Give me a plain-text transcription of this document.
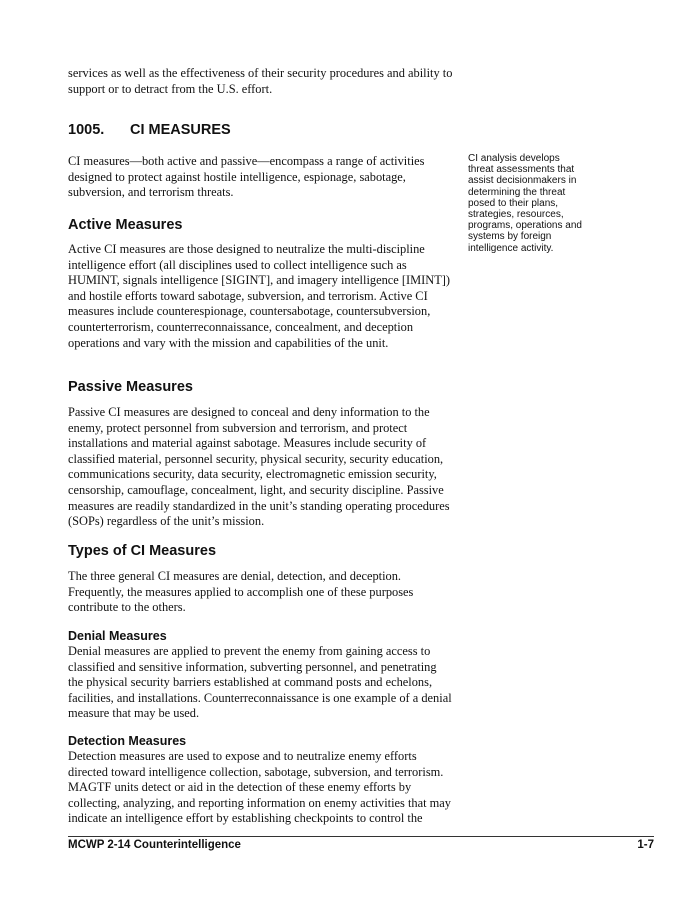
services as well as the effectiveness of their security procedures and ability to support or to detract from the U.S. effort.

1005. CI MEASURES

CI measures—both active and passive—encompass a range of activities designed to protect against hostile intelligence, espionage, sabotage, subversion, and terrorism threats.

CI analysis develops threat assessments that assist decisionmakers in determining the threat posed to their plans, strategies, resources, programs, operations and systems by foreign intelligence activity.

Active Measures

Active CI measures are those designed to neutralize the multi-discipline intelligence effort (all disciplines used to collect intelligence such as HUMINT, signals intelligence [SIGINT], and imagery intelligence [IMINT]) and hostile efforts toward sabotage, subversion, and terrorism. Active CI measures include counterespionage, countersabotage, countersubversion, counterterrorism, counterreconnaissance, concealment, and deception operations and vary with the mission and capabilities of the unit.

Passive Measures

Passive CI measures are designed to conceal and deny information to the enemy, protect personnel from subversion and terrorism, and protect installations and material against sabotage. Measures include security of classified material, personnel security, physical security, security education, communications security, data security, electromagnetic emission security, censorship, camouflage, concealment, light, and security discipline. Passive measures are readily standardized in the unit’s standing operating procedures (SOPs) regardless of the unit’s mission.

Types of CI Measures

The three general CI measures are denial, detection, and deception. Frequently, the measures applied to accomplish one of these purposes contribute to the others.

Denial Measures

Denial measures are applied to prevent the enemy from gaining access to classified and sensitive information, subverting personnel, and penetrating the physical security barriers established at command posts and echelons, facilities, and installations. Counterreconnaissance is one example of a denial measure that may be used.

Detection Measures

Detection measures are used to expose and to neutralize enemy efforts directed toward intelligence collection, sabotage, subversion, and terrorism. MAGTF units detect or aid in the detection of these enemy efforts by collecting, analyzing, and reporting information on enemy activities that may indicate an intelligence effort by establishing checkpoints to control the

MCWP 2-14 Counterintelligence	1-7
